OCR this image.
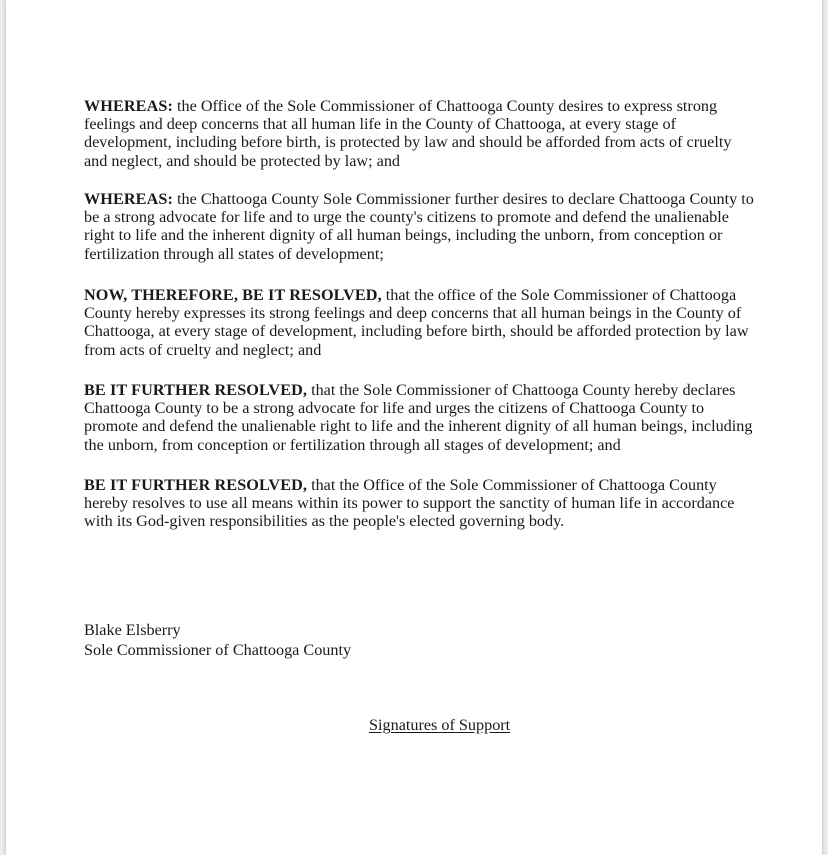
WHEREAS: the Office of the Sole Commissioner of Chattooga County desires to express strong feelings and deep concerns that all human life in the County of Chattooga, at every stage of development, including before birth, is protected by law and should be afforded from acts of cruelty and neglect, and should be protected by law; and

WHEREAS: the Chattooga County Sole Commissioner further desires to declare Chattooga County to be a strong advocate for life and to urge the county's citizens to promote and defend the unalienable right to life and the inherent dignity of all human beings, including the unborn, from conception or fertilization through all states of development;

NOW, THEREFORE, BE IT RESOLVED, that the office of the Sole Commissioner of Chattooga County hereby expresses its strong feelings and deep concerns that all human beings in the County of Chattooga, at every stage of development, including before birth, should be afforded protection by law from acts of cruelty and neglect; and

BE IT FURTHER RESOLVED, that the Sole Commissioner of Chattooga County hereby declares Chattooga County to be a strong advocate for life and urges the citizens of Chattooga County to promote and defend the unalienable right to life and the inherent dignity of all human beings, including the unborn, from conception or fertilization through all stages of development; and

BE IT FURTHER RESOLVED, that the Office of the Sole Commissioner of Chattooga County hereby resolves to use all means within its power to support the sanctity of human life in accordance with its God-given responsibilities as the people's elected governing body.

Blake Elsberry
Sole Commissioner of Chattooga County
Signatures of Support
